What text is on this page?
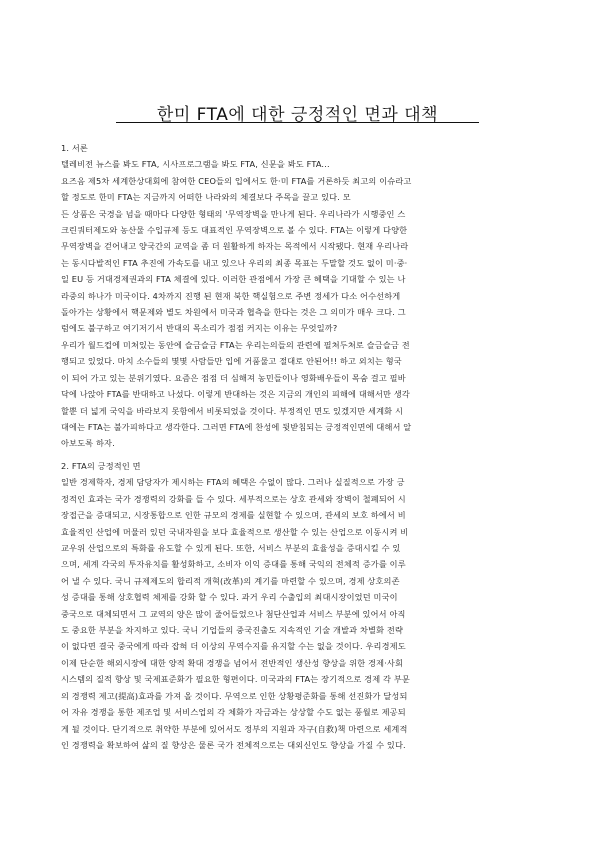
한미 FTA에 대한 긍정적인 면과 대책
1. 서론
텔레비전 뉴스를 봐도 FTA, 시사프로그램을 봐도 FTA, 신문을 봐도 FTA...
요즈음 제5차 세계한상대회에 참여한 CEO들의 입에서도 한·미 FTA를 거론하듯 최고의 이슈라고
할 정도로 한미 FTA는 지금까지 어떠한 나라와의 체결보다 주목을 끌고 있다. 모
든 상품은 국경을 넘을 때마다 다양한 형태의 '무역장벽을 만나게 된다. 우리나라가 시행중인 스
크린쿼터제도와 농산물 수입규제 등도 대표적인 무역장벽으로 볼 수 있다. FTA는 이렇게 다양한
무역장벽을 걷어내고 양국간의 교역을 좀 더 원활하게 하자는 목적에서 시작됐다. 현재 우리나라
는 동시다발적인 FTA 추진에 가속도를 내고 있으나 우리의 최종 목표는 두말할 것도 없이 미·중·
일 EU 등 거대경제권과의 FTA 체결에 있다. 이러한 관점에서 가장 큰 혜택을 기대할 수 있는 나
라중의 하나가 미국이다. 4차까지 진행 된 현재 북한 핵실험으로 주변 정세가 다소 어수선하게
돌아가는 상황에서 핵문제와 별도 차원에서 미국과 협측을 한다는 것은 그 의미가 매우 크다. 그
럼에도 불구하고 여기저기서 반대의 목소리가 점점 커지는 이유는 무엇일까?
우리가 월드컵에 미쳐있는 동안에 슬금슬금 FTA는 우리는의들의 관련에 필쳐두쳐로 슬금슬금 전
행되고 있었다. 마치 소수들의 몇몇 사람들만 입에 거품물고 절대로 안된어!! 하고 외치는 형국
이 되어 가고 있는 분위기였다. 요즘은 점점 더 심해져 농민들이나 영화배우들이 목숨 걸고 필바
닥에 나앉아 FTA를 반대하고 나섰다. 이렇게 반대하는 것은 지금의 개인의 피해에 대해서만 생각
할뿐 더 넓게 국익을 바라보지 못함에서 비롯되었을 것이다. 부정적인 면도 있겠지만 세계화 시
대에는 FTA는 불가피하다고 생각한다. 그러면 FTA에 찬성에 뒷받침되는 긍정적인면에 대해서 알
아보도록 하자.
2. FTA의 긍정적인 면
일반 경제학자, 경제 담당자가 제시하는 FTA의 혜택은 수없이 많다. 그러나 실질적으로 가장 긍
정적인 효과는 국가 경쟁력의 강화를 들 수 있다. 세부적으로는 상호 관세와 장벽이 철폐되어 시
장접근을 증대되고, 시장통합으로 인한 규모의 경제를 실현할 수 있으며, 관세의 보호 하에서 비
효율적인 산업에 머물러 있던 국내자원을 보다 효율적으로 생산할 수 있는 산업으로 이동시켜 비
교우위 산업으로의 특화를 유도할 수 있게 된다. 또한, 서비스 부분의 효율성을 증대시킬 수 있
으며, 세계 각국의 투자유치를 활성화하고, 소비자 이익 증대를 통해 국익의 전체적 증가를 이루
어 낼 수 있다. 국니 규제제도의 합리적 개혁(改革)의 계기를 마련할 수 있으며, 경제 상호의존
성 증대를 통해 상호협력 체제를 강화 할 수 있다. 과거 우리 수출입의 최대시장이었던 미국이
중국으로 대체되면서 그 교역의 양은 많이 줄어들었으나 첨단산업과 서비스 부분에 있어서 아직
도 중요한 부분을 차지하고 있다. 국니 기업들의 중국진출도 지속적인 기술 개발과 차별화 전략
이 없다면 결국 중국에게 따라 잡혀 더 이상의 무역수지를 유지할 수는 없을 것이다. 우리경제도
이제 단순한 해외시장에 대한 양적 확대 경쟁을 넘어서 전반적인 생산성 향상을 위한 경제·사회
시스템의 질적 향상 및 국제표준화가 필요한 형편이다. 미국과의 FTA는 장기적으로 경제 각 부문
의 경쟁력 제고(提高)효과를 가져 올 것이다. 무역으로 인한 상황평준화를 통해 선진화가 달성되
어 자유 경쟁을 통한 제조업 및 서비스업의 각 체화가 자금과는 상상할 수도 없는 풍월로 제공되
게 될 것이다. 단기적으로 취약한 부분에 있어서도 정부의 지원과 자구(自救)책 마련으로 세계적
인 경쟁력을 확보하여 삶의 질 향상은 물론 국가 전체적으로는 대외신인도 향상을 가질 수 있다.
